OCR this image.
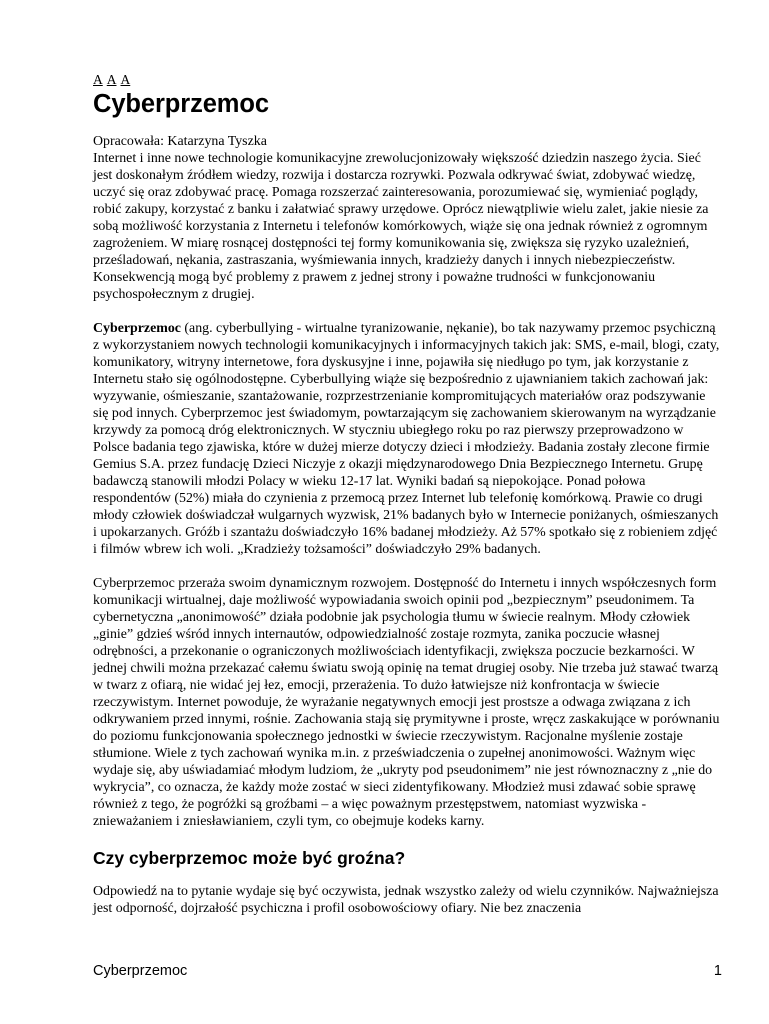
A A A
Cyberprzemoc

Opracowała: Katarzyna Tyszka

Internet i inne nowe technologie komunikacyjne zrewolucjonizowały większość dziedzin naszego życia. Sieć jest doskonałym źródłem wiedzy, rozwija i dostarcza rozrywki. Pozwala odkrywać świat, zdobywać wiedzę, uczyć się oraz zdobywać pracę. Pomaga rozszerzać zainteresowania, porozumiewać się, wymieniać poglądy, robić zakupy, korzystać z banku i załatwiać sprawy urzędowe. Oprócz niewątpliwie wielu zalet, jakie niesie za sobą możliwość korzystania z Internetu i telefonów komórkowych, wiąże się ona jednak również z ogromnym zagrożeniem. W miarę rosnącej dostępności tej formy komunikowania się, zwiększa się ryzyko uzależnień, prześladowań, nękania, zastraszania, wyśmiewania innych, kradzieży danych i innych niebezpieczeństw. Konsekwencją mogą być problemy z prawem z jednej strony i poważne trudności w funkcjonowaniu psychospołecznym z drugiej.

Cyberprzemoc (ang. cyberbullying - wirtualne tyranizowanie, nękanie), bo tak nazywamy przemoc psychiczną z wykorzystaniem nowych technologii komunikacyjnych i informacyjnych takich jak: SMS, e-mail, blogi, czaty, komunikatory, witryny internetowe, fora dyskusyjne i inne, pojawiła się niedługo po tym, jak korzystanie z Internetu stało się ogólnodostępne. Cyberbullying wiąże się bezpośrednio z ujawnianiem takich zachowań jak: wyzywanie, ośmieszanie, szantażowanie, rozprzestrzenianie kompromitujących materiałów oraz podszywanie się pod innych. Cyberprzemoc jest świadomym, powtarzającym się zachowaniem skierowanym na wyrządzanie krzywdy za pomocą dróg elektronicznych. W styczniu ubiegłego roku po raz pierwszy przeprowadzono w Polsce badania tego zjawiska, które w dużej mierze dotyczy dzieci i młodzieży. Badania zostały zlecone firmie Gemius S.A. przez fundację Dzieci Niczyje z okazji międzynarodowego Dnia Bezpiecznego Internetu. Grupę badawczą stanowili młodzi Polacy w wieku 12-17 lat. Wyniki badań są niepokojące. Ponad połowa respondentów (52%) miała do czynienia z przemocą przez Internet lub telefonię komórkową. Prawie co drugi młody człowiek doświadczał wulgarnych wyzwisk, 21% badanych było w Internecie poniżanych, ośmieszanych i upokarzanych. Gróźb i szantażu doświadczyło 16% badanej młodzieży. Aż 57% spotkało się z robieniem zdjęć i filmów wbrew ich woli. „Kradzieży tożsamości” doświadczyło 29% badanych.

Cyberprzemoc przeraża swoim dynamicznym rozwojem. Dostępność do Internetu i innych współczesnych form komunikacji wirtualnej, daje możliwość wypowiadania swoich opinii pod „bezpiecznym” pseudonimem. Ta cybernetyczna „anonimowość” działa podobnie jak psychologia tłumu w świecie realnym. Młody człowiek „ginie” gdzieś wśród innych internautów, odpowiedzialność zostaje rozmyta, zanika poczucie własnej odrębności, a przekonanie o ograniczonych możliwościach identyfikacji, zwiększa poczucie bezkarności. W jednej chwili można przekazać całemu światu swoją opinię na temat drugiej osoby. Nie trzeba już stawać twarzą w twarz z ofiarą, nie widać jej łez, emocji, przerażenia. To dużo łatwiejsze niż konfrontacja w świecie rzeczywistym. Internet powoduje, że wyrażanie negatywnych emocji jest prostsze a odwaga związana z ich odkrywaniem przed innymi, rośnie. Zachowania stają się prymitywne i proste, wręcz zaskakujące w porównaniu do poziomu funkcjonowania społecznego jednostki w świecie rzeczywistym. Racjonalne myślenie zostaje stłumione. Wiele z tych zachowań wynika m.in. z przeświadczenia o zupełnej anonimowości. Ważnym więc wydaje się, aby uświadamiać młodym ludziom, że „ukryty pod pseudonimem” nie jest równoznaczny z „nie do wykrycia”, co oznacza, że każdy może zostać w sieci zidentyfikowany. Młodzież musi zdawać sobie sprawę również z tego, że pogróżki są groźbami – a więc poważnym przestępstwem, natomiast wyzwiska - znieważaniem i zniesławianiem, czyli tym, co obejmuje kodeks karny.

Czy cyberprzemoc może być groźna?

Odpowiedź na to pytanie wydaje się być oczywista, jednak wszystko zależy od wielu czynników. Najważniejsza jest odporność, dojrzałość psychiczna i profil osobowościowy ofiary. Nie bez znaczenia

Cyberprzemoc	1
